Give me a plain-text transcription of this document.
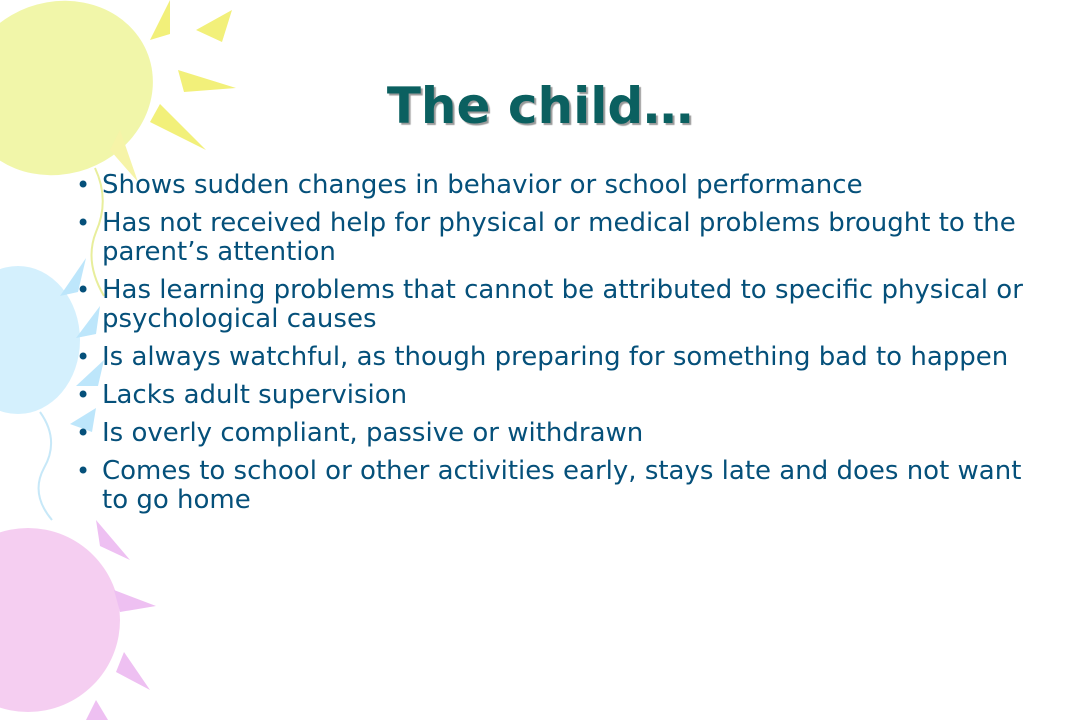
The child…
• Shows sudden changes in behavior or school performance
• Has not received help for physical or medical problems brought to the parent’s attention
• Has learning problems that cannot be attributed to specific physical or psychological causes
• Is always watchful, as though preparing for something bad to happen
• Lacks adult supervision
• Is overly compliant, passive or withdrawn
• Comes to school or other activities early, stays late and does not want to go home
